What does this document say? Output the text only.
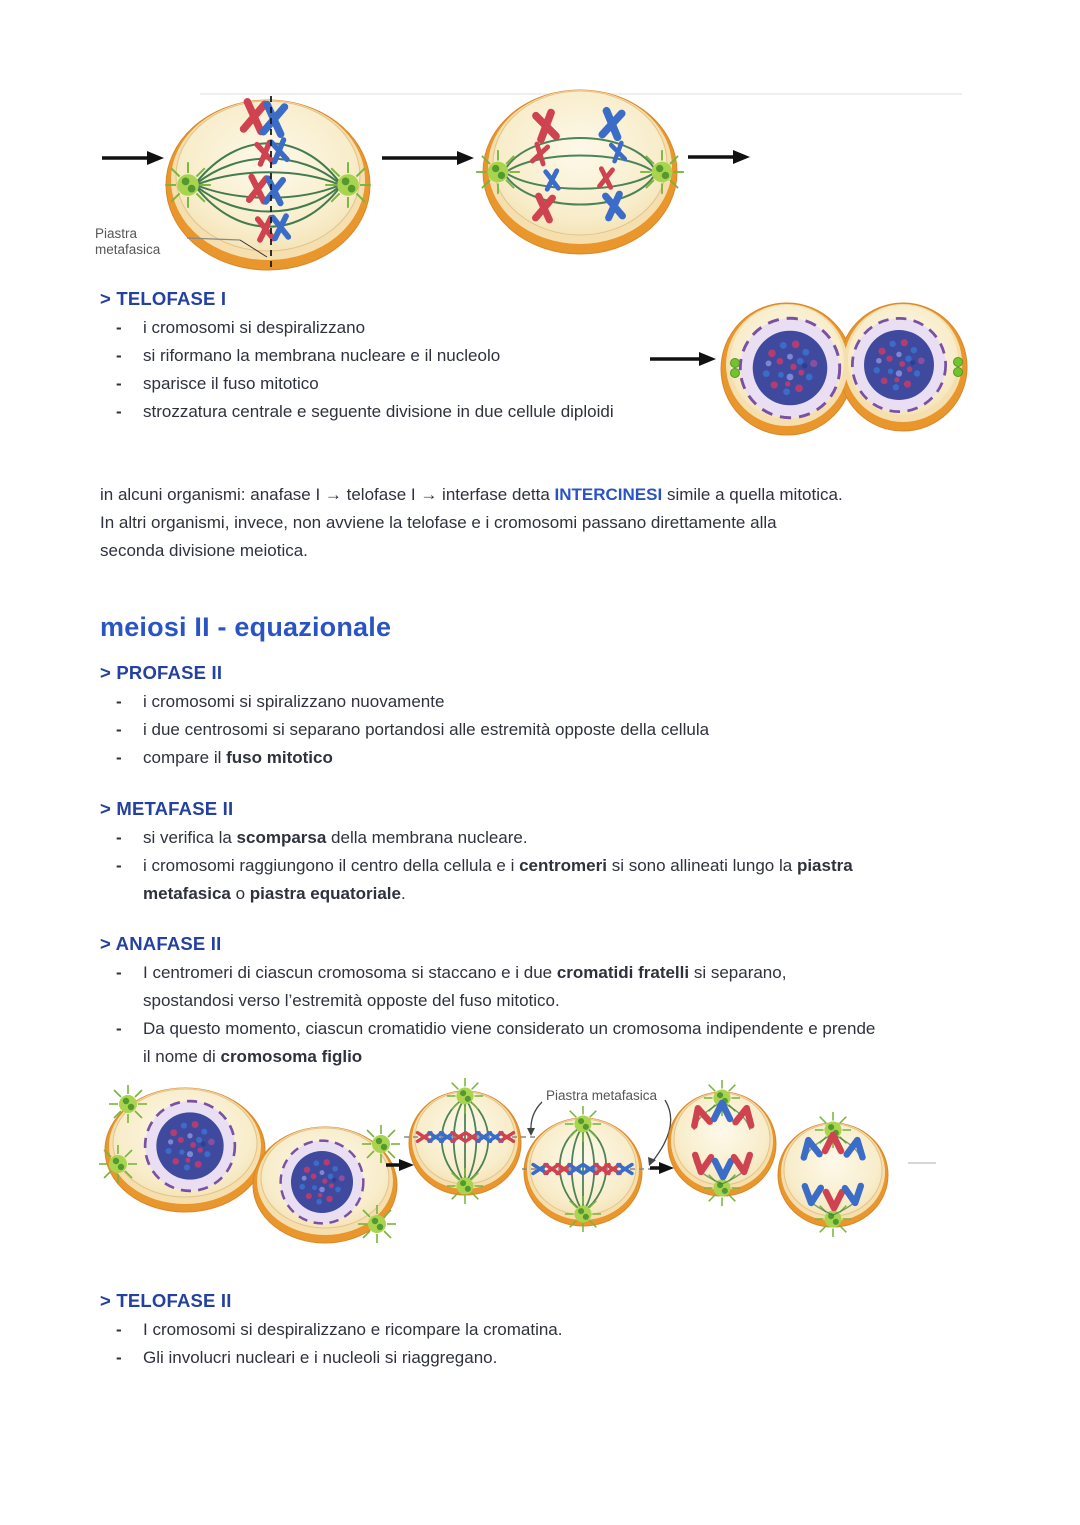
Piastra metafasica
> TELOFASE I
- i cromosomi si despiralizzano
- si riformano la membrana nucleare e il nucleolo
- sparisce il fuso mitotico
- strozzatura centrale e seguente divisione in due cellule diploidi
in alcuni organismi: anafase I → telofase I → interfase detta INTERCINESI simile a quella mitotica.
In altri organismi, invece, non avviene la telofase e i cromosomi passano direttamente alla
seconda divisione meiotica.
meiosi II - equazionale
> PROFASE II
- i cromosomi si spiralizzano nuovamente
- i due centrosomi si separano portandosi alle estremità opposte della cellula
- compare il fuso mitotico
> METAFASE II
- si verifica la scomparsa della membrana nucleare.
- i cromosomi raggiungono il centro della cellula e i centromeri si sono allineati lungo la piastra metafasica o piastra equatoriale.
> ANAFASE II
- I centromeri di ciascun cromosoma si staccano e i due cromatidi fratelli si separano, spostandosi verso l’estremità opposte del fuso mitotico.
- Da questo momento, ciascun cromatidio viene considerato un cromosoma indipendente e prende il nome di cromosoma figlio
Piastra metafasica
> TELOFASE II
- I cromosomi si despiralizzano e ricompare la cromatina.
- Gli involucri nucleari e i nucleoli si riaggregano.
